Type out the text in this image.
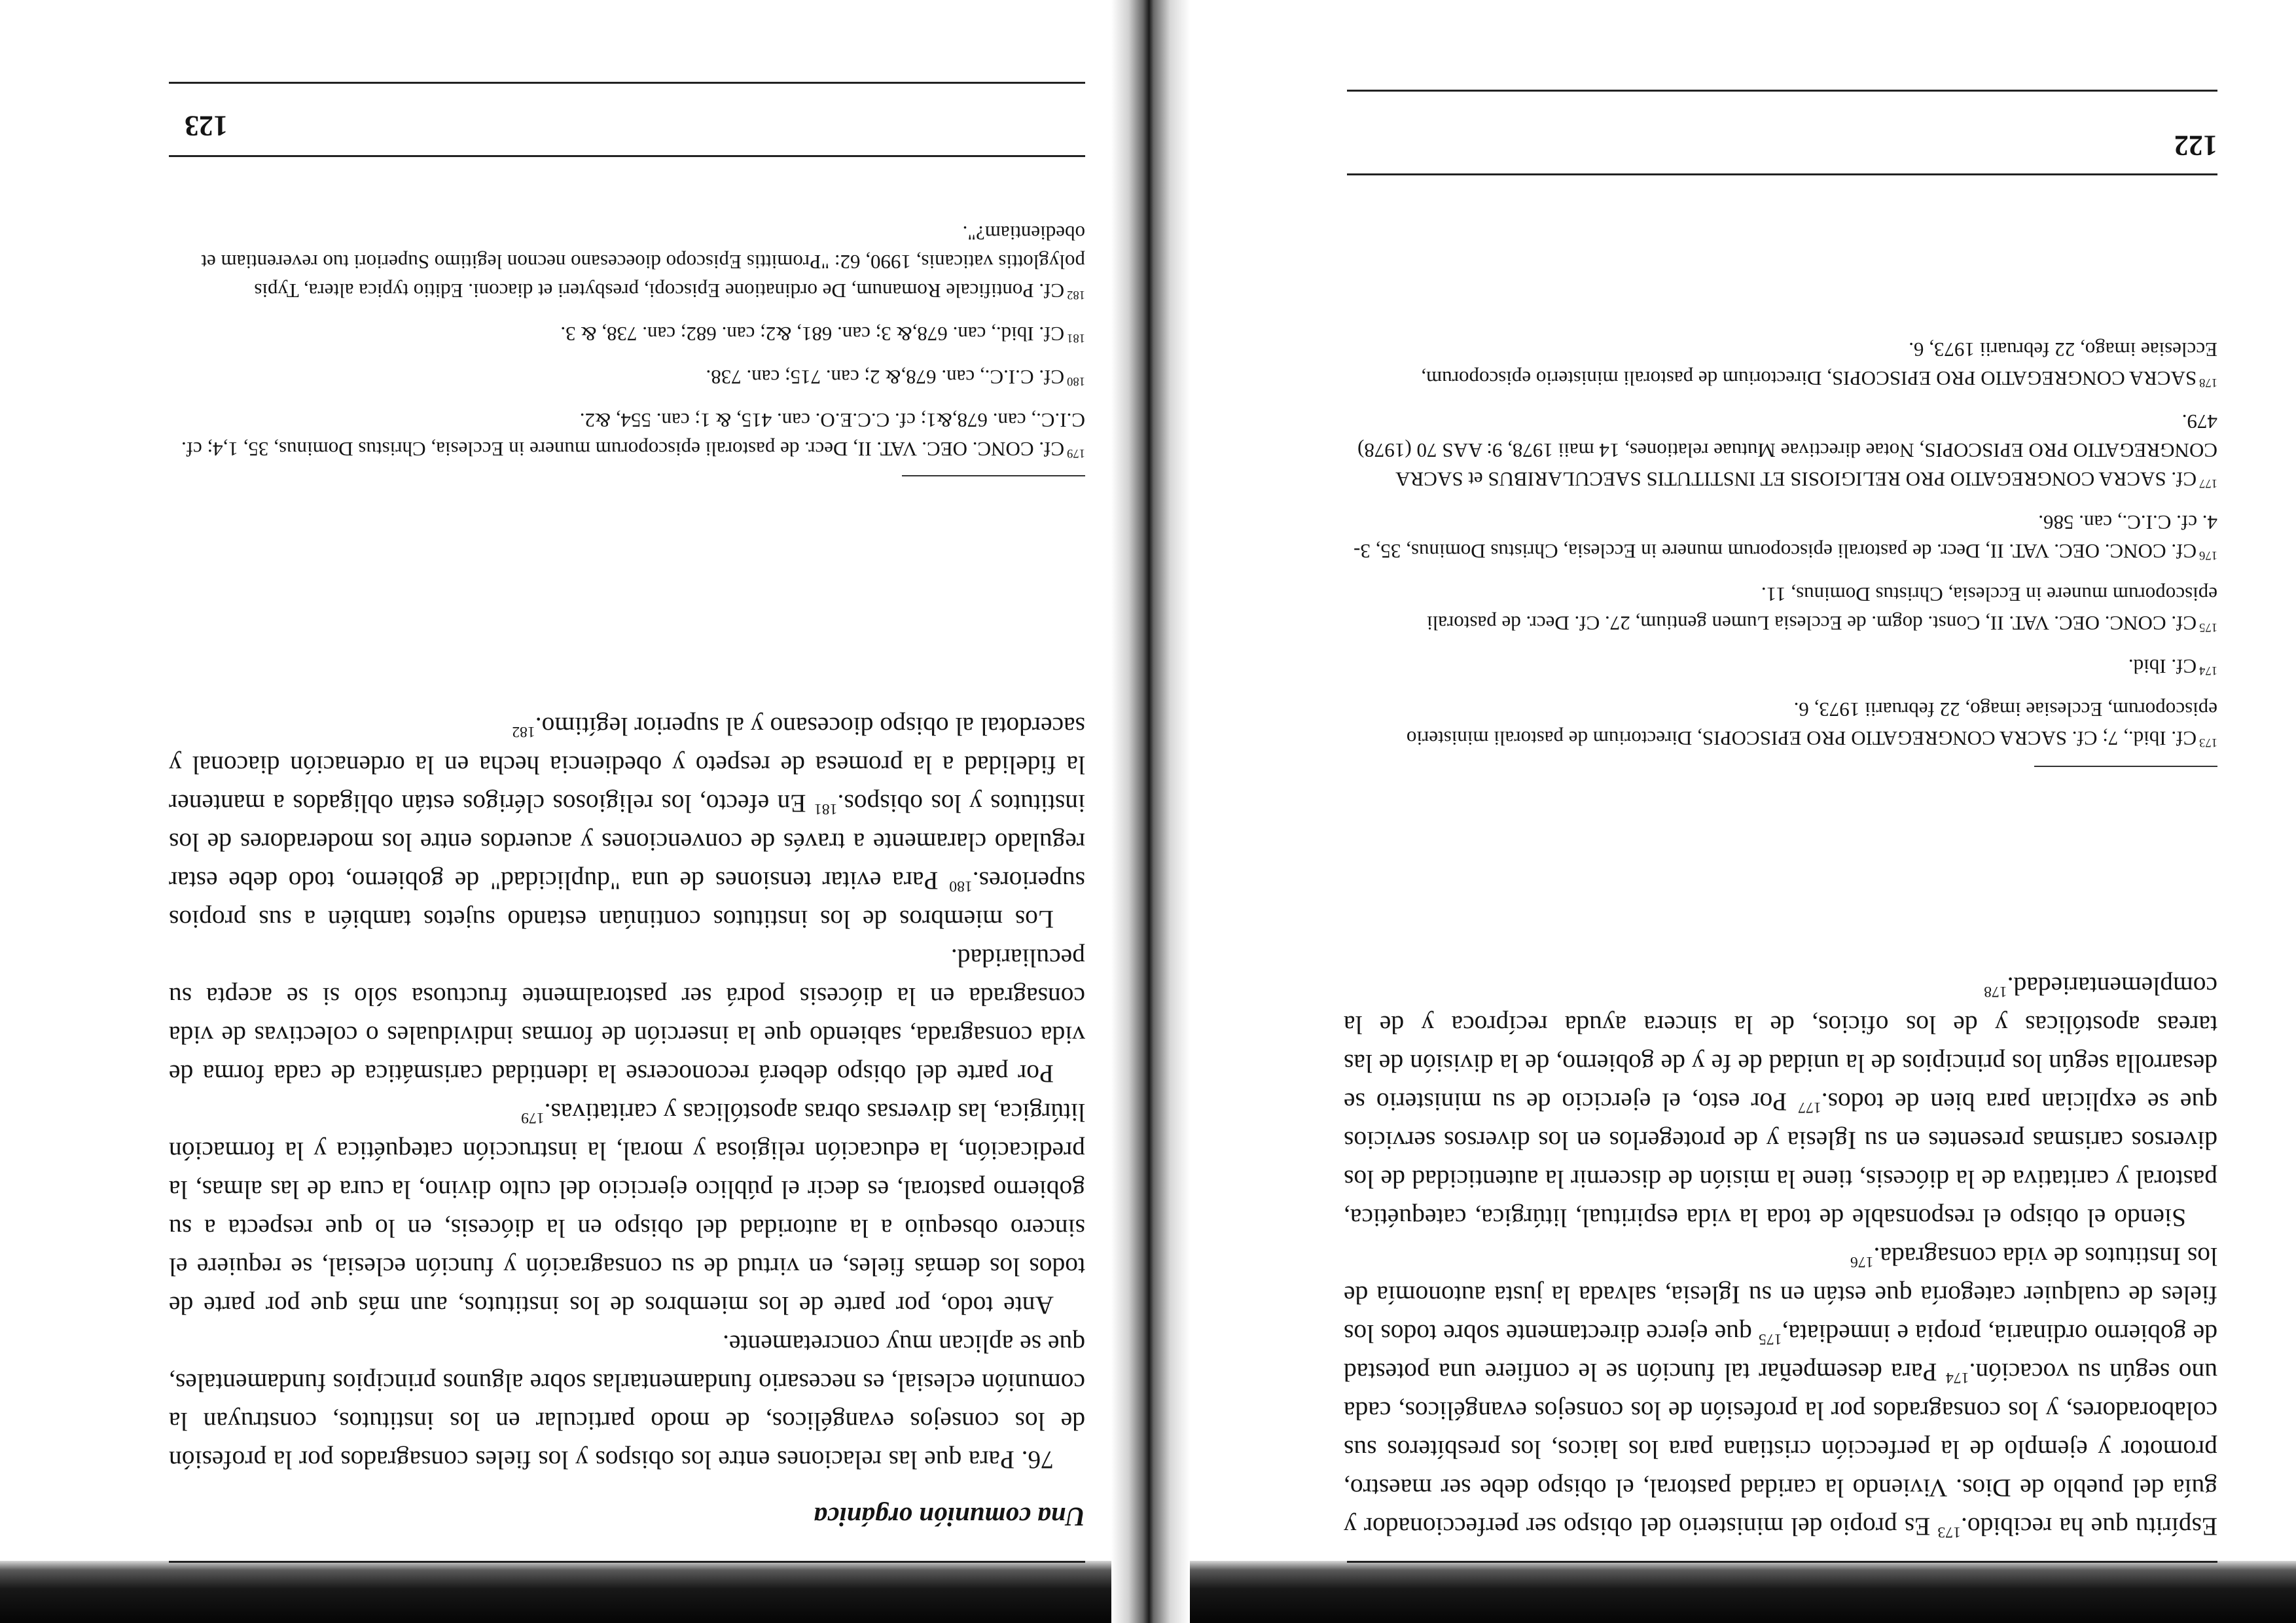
Espíritu que ha recibido.$^{173}$ Es propio del ministerio del obispo ser perfeccionador y guía del pueblo de Dios. Viviendo la caridad pastoral, el obispo debe ser maestro, promotor y ejemplo de la perfección cristiana para los laicos, los presbíteros sus colaboradores, y los consagrados por la profesión de los consejos evangélicos, cada uno según su vocación.$^{174}$ Para desempeñar tal función se le confiere una potestad de gobierno ordinaria, propia e inmediata,$^{175}$ que ejerce directamente sobre todos los fieles de cualquier categoría que están en su Iglesia, salvada la justa autonomía de los Institutos de vida consagrada.$^{176}$

Siendo el obispo el responsable de toda la vida espiritual, litúrgica, catequética, pastoral y caritativa de la diócesis, tiene la misión de discernir la autenticidad de los diversos carismas presentes en su Iglesia y de protegerlos en los diversos servicios que se explician para bien de todos.$^{177}$ Por esto, el ejercicio de su ministerio se desarrolla según los principios de la unidad de fe y de gobierno, de la división de las tareas apostólicas y de los oficios, de la sincera ayuda recíproca y de la complementariedad.$^{178}$

$^{173}$Cf. Ibid., 7; Cf. SACRA CONGREGATIO PRO EPISCOPIS, Directorium de pastorali ministerio episcoporum, Ecclesiae imago, 22 februarii 1973, 6.

$^{174}$Cf. Ibid.

$^{175}$Cf. CONC. OEC. VAT. II, Const. dogm. de Ecclesia Lumen gentium, 27. Cf. Decr. de pastorali episcoporum munere in Ecclesia, Christus Dominus, 11.

$^{176}$Cf. CONC. OEC. VAT. II, Decr. de pastorali episcoporum munere in Ecclesia, Christus Dominus, 35, 3-4. cf. C.I.C., can. 586.

$^{177}$Cf. SACRA CONGREGATIO PRO RELIGIOSIS ET INSTITUTIS SAECULARIBUS et SACRA CONGREGATIO PRO EPISCOPIS, Notae directivae Mutuae relationes, 14 maii 1978, 9: AAS 70 (1978) 479.

$^{178}$SACRA CONGREGATIO PRO EPISCOPIS, Directorium de pastorali ministerio episcoporum, Ecclesiae imago, 22 februarii 1973, 6.

122
Una comunión orgánica

76. Para que las relaciones entre los obispos y los fieles consagrados por la profesión de los consejos evangélicos, de modo particular en los institutos, construyan la comunión eclesial, es necesario fundamentarlas sobre algunos principios fundamentales, que se aplican muy concretamente.

Ante todo, por parte de los miembros de los institutos, aun más que por parte de todos los demás fieles, en virtud de su consagración y función eclesial, se requiere el sincero obsequio a la autoridad del obispo en la diócesis, en lo que respecta a su gobierno pastoral, es decir el público ejercicio del culto divino, la cura de las almas, la predicación, la educación religiosa y moral, la instrucción catequética y la formación litúrgica, las diversas obras apostólicas y caritativas.$^{179}$

Por parte del obispo deberá reconocerse la identidad carismática de cada forma de vida consagrada, sabiendo que la inserción de formas individuales o colectivas de vida consagrada en la diócesis podrá ser pastoralmente fructuosa sólo si se acepta su peculiaridad.

Los miembros de los institutos continúan estando sujetos también a sus propios superiores.$^{180}$ Para evitar tensiones de una "duplicidad" de gobierno, todo debe estar regulado claramente a través de convenciones y acuerdos entre los moderadores de los institutos y los obispos.$^{181}$ En efecto, los religiosos clérigos están obligados a mantener la fidelidad a la promesa de respeto y obediencia hecha en la ordenación diaconal y sacerdotal al obispo diocesano y al superior legítimo.$^{182}$

$^{179}$Cf. CONC. OEC. VAT. II, Decr. de pastorali episcoporum munere in Ecclesia, Christus Dominus, 35, 1,4; cf. C.I.C., can. 678,&1; cf. C.C.E.O. can. 415, & 1; can. 554, &2.

$^{180}$Cf. C.I.C., can. 678,& 2; can. 715; can. 738.

$^{181}$Cf. Ibid., can. 678,& 3; can. 681, &2; can. 682; can. 738, & 3.

$^{182}$Cf. Pontificale Romanum, De ordinatione Episcopi, presbyteri et diaconi. Editio typica altera, Typis polyglottis vaticanis, 1990, 62: "Promittis Episcopo dioecesano necnon legitimo Superiori tuo reverentiam et obedientiam?".

123
